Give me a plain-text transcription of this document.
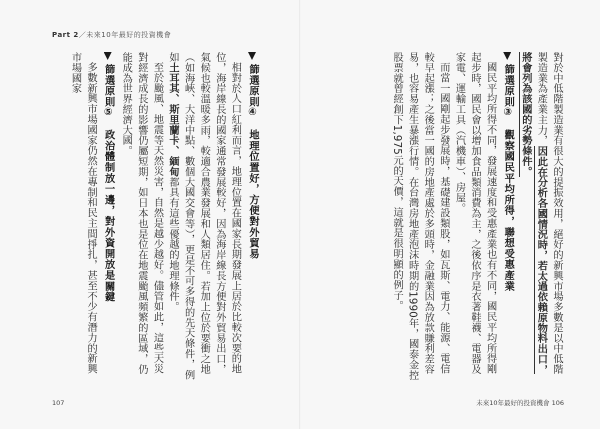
Part 2／未來10年最好的投資機會

篩選原則④　地理位置好，方便對外貿易

相對於人口紅利而言，地理位置在國家長期發展上居於比較次要的地位，海岸線長的國家通常發展較好，因為海岸線長方便對外貿易出口，氣候也較溫暖多雨，較適合農業發展和人類居住。若加上位於要衝之地（如海峽、大洋中點、數個大國交會等），更是不可多得的先天條件，例如土耳其、斯里蘭卡、緬甸都具有這些優越的地理條件。

至於颱風、地震等天然災害，自然是越少越好。儘管如此，這些天災對經濟成長的影響仍屬短期，如日本也是位在地震颱風頻繁的區域，仍能成為世界經濟大國。

篩選原則⑤　政治體制放一邊，對外資開放是關鍵

多數新興市場國家仍然在專制和民主間掙扎，甚至不少有潛力的新興市場國家	對於中低階製造業有很大的提振效用，絕好的新興市場多數是以中低階製造業為產業主力，因此在分析各國情況時，若太過依賴原物料出口，將會列為該國的劣勢條件。

篩選原則③　觀察國民平均所得，聯想受惠產業

國民平均所得不同，發展速度和受惠產業也有不同，國民平均所得剛起步時，國民會以增加食品類消費為主，之後依序是衣著鞋襪、電器及家電、運輸工具（汽機車）、房屋。

而當一國剛起步發展時，基礎建設類股，如瓦斯、電力、能源、電信較早起漲；之後當一國的房地產處於多頭時，金融業因為放款賺利差容易，也容易產生暴漲行情。在台灣房地產泡沫時期的1990年，國泰金控股票就曾經創下1,975元的天價，這就是很明顯的例子。

107	未來10年最好的投資機會 106
